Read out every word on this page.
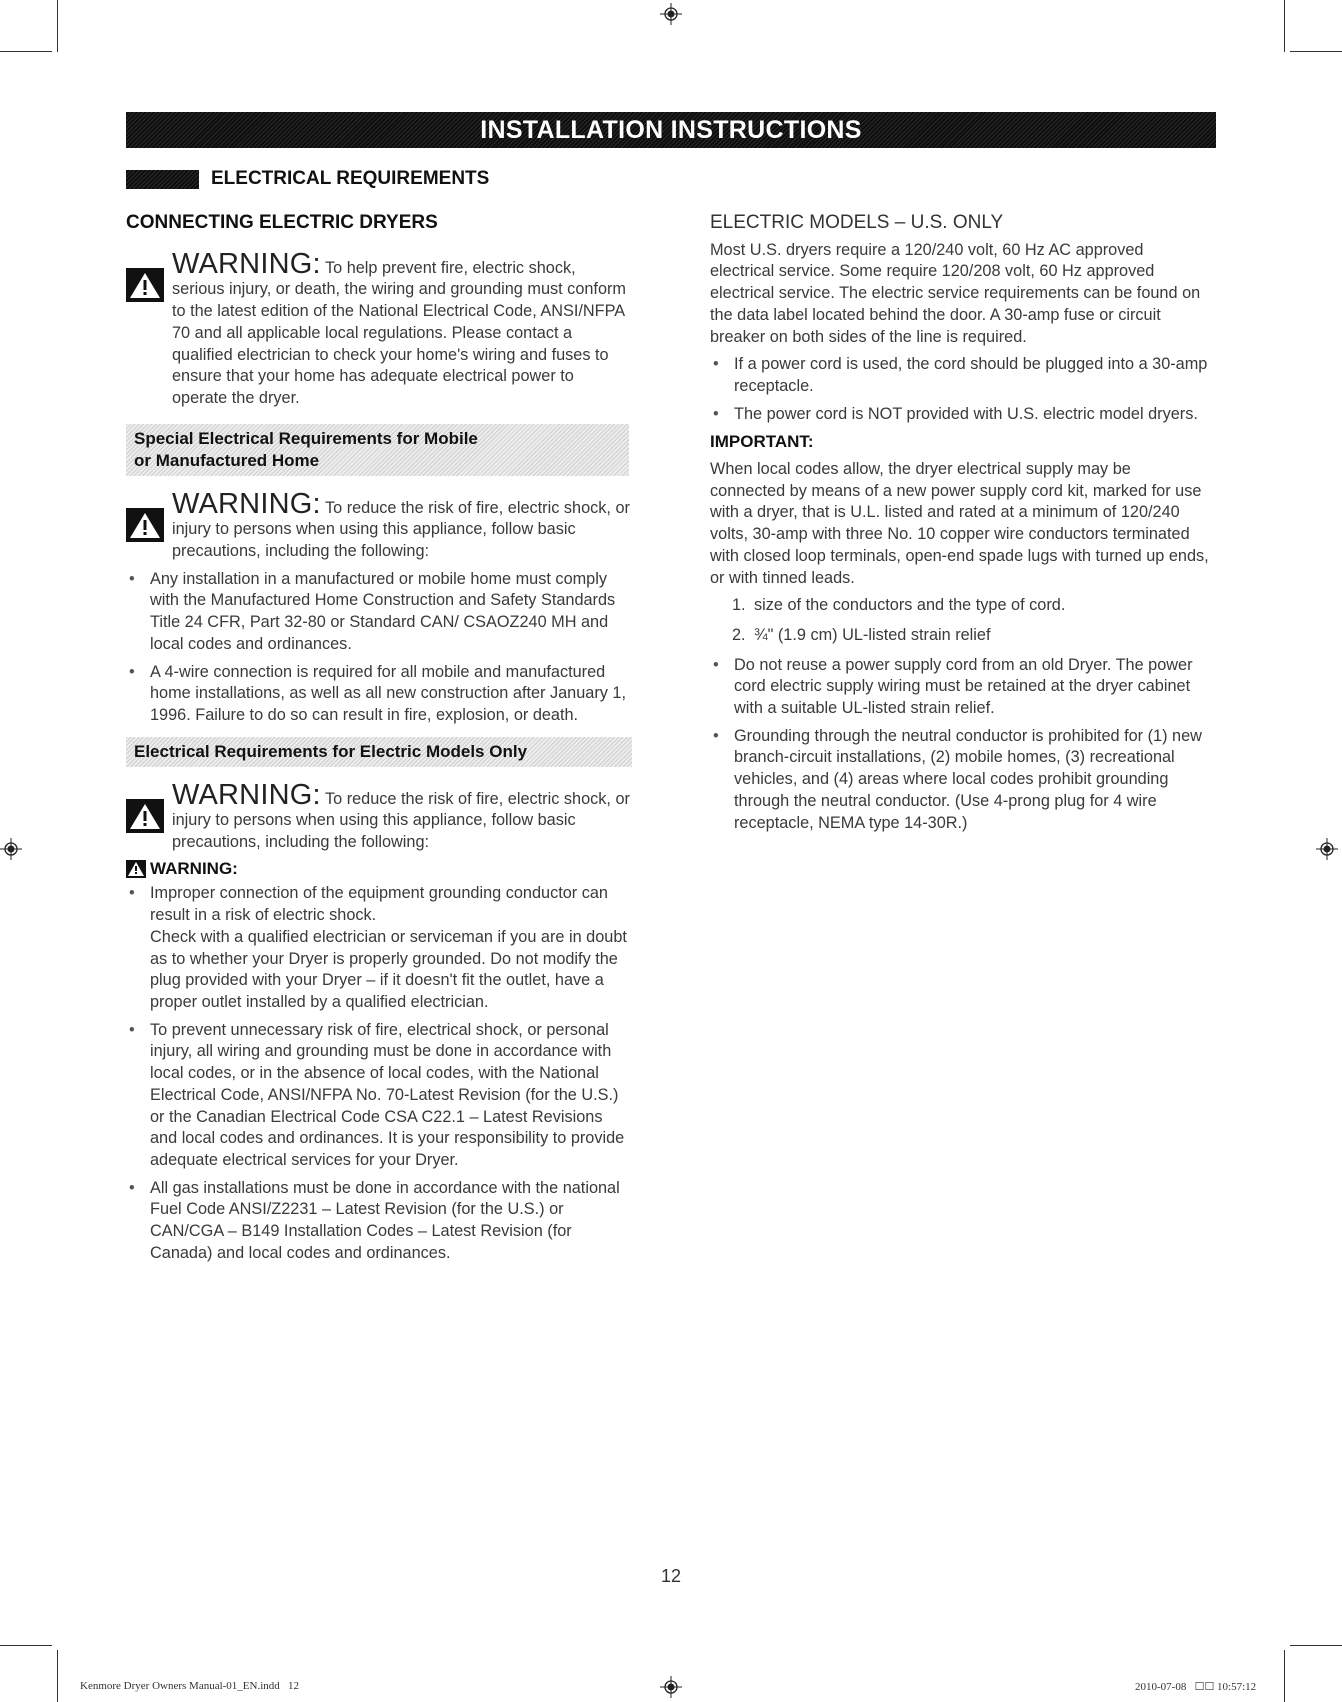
INSTALLATION INSTRUCTIONS
ELECTRICAL REQUIREMENTS
CONNECTING ELECTRIC DRYERS

WARNING: To help prevent fire, electric shock, serious injury, or death, the wiring and grounding must conform to the latest edition of the National Electrical Code, ANSI/NFPA 70 and all applicable local regulations. Please contact a qualified electrician to check your home's wiring and fuses to ensure that your home has adequate electrical power to operate the dryer.

Special Electrical Requirements for Mobile or Manufactured Home

WARNING: To reduce the risk of fire, electric shock, or injury to persons when using this appliance, follow basic precautions, including the following:

• Any installation in a manufactured or mobile home must comply with the Manufactured Home Construction and Safety Standards Title 24 CFR, Part 32-80 or Standard CAN/ CSAOZ240 MH and local codes and ordinances.
• A 4-wire connection is required for all mobile and manufactured home installations, as well as all new construction after January 1, 1996. Failure to do so can result in fire, explosion, or death.
Electrical Requirements for Electric Models Only

WARNING: To reduce the risk of fire, electric shock, or injury to persons when using this appliance, follow basic precautions, including the following:

WARNING:
• Improper connection of the equipment grounding conductor can result in a risk of electric shock.
Check with a qualified electrician or serviceman if you are in doubt as to whether your Dryer is properly grounded. Do not modify the plug provided with your Dryer – if it doesn't fit the outlet, have a proper outlet installed by a qualified electrician.
• To prevent unnecessary risk of fire, electrical shock, or personal injury, all wiring and grounding must be done in accordance with local codes, or in the absence of local codes, with the National Electrical Code, ANSI/NFPA No. 70-Latest Revision (for the U.S.) or the Canadian Electrical Code CSA C22.1 – Latest Revisions and local codes and ordinances. It is your responsibility to provide adequate electrical services for your Dryer.
• All gas installations must be done in accordance with the national Fuel Code ANSI/Z2231 – Latest Revision (for the U.S.) or CAN/CGA – B149 Installation Codes – Latest Revision (for Canada) and local codes and ordinances.
ELECTRIC MODELS – U.S. ONLY

Most U.S. dryers require a 120/240 volt, 60 Hz AC approved electrical service. Some require 120/208 volt, 60 Hz approved electrical service. The electric service requirements can be found on the data label located behind the door. A 30-amp fuse or circuit breaker on both sides of the line is required.

• If a power cord is used, the cord should be plugged into a 30-amp receptacle.
• The power cord is NOT provided with U.S. electric model dryers.
IMPORTANT:

When local codes allow, the dryer electrical supply may be connected by means of a new power supply cord kit, marked for use with a dryer, that is U.L. listed and rated at a minimum of 120/240 volts, 30-amp with three No. 10 copper wire conductors terminated with closed loop terminals, open-end spade lugs with turned up ends, or with tinned leads.

1. size of the conductors and the type of cord.
2. ¾" (1.9 cm) UL-listed strain relief
• Do not reuse a power supply cord from an old Dryer. The power cord electric supply wiring must be retained at the dryer cabinet with a suitable UL-listed strain relief.
• Grounding through the neutral conductor is prohibited for (1) new branch-circuit installations, (2) mobile homes, (3) recreational vehicles, and (4) areas where local codes prohibit grounding through the neutral conductor. (Use 4-prong plug for 4 wire receptacle, NEMA type 14-30R.)
12
Kenmore Dryer Owners Manual-01_EN.indd   12	2010-07-08   ☐☐ 10:57:12
